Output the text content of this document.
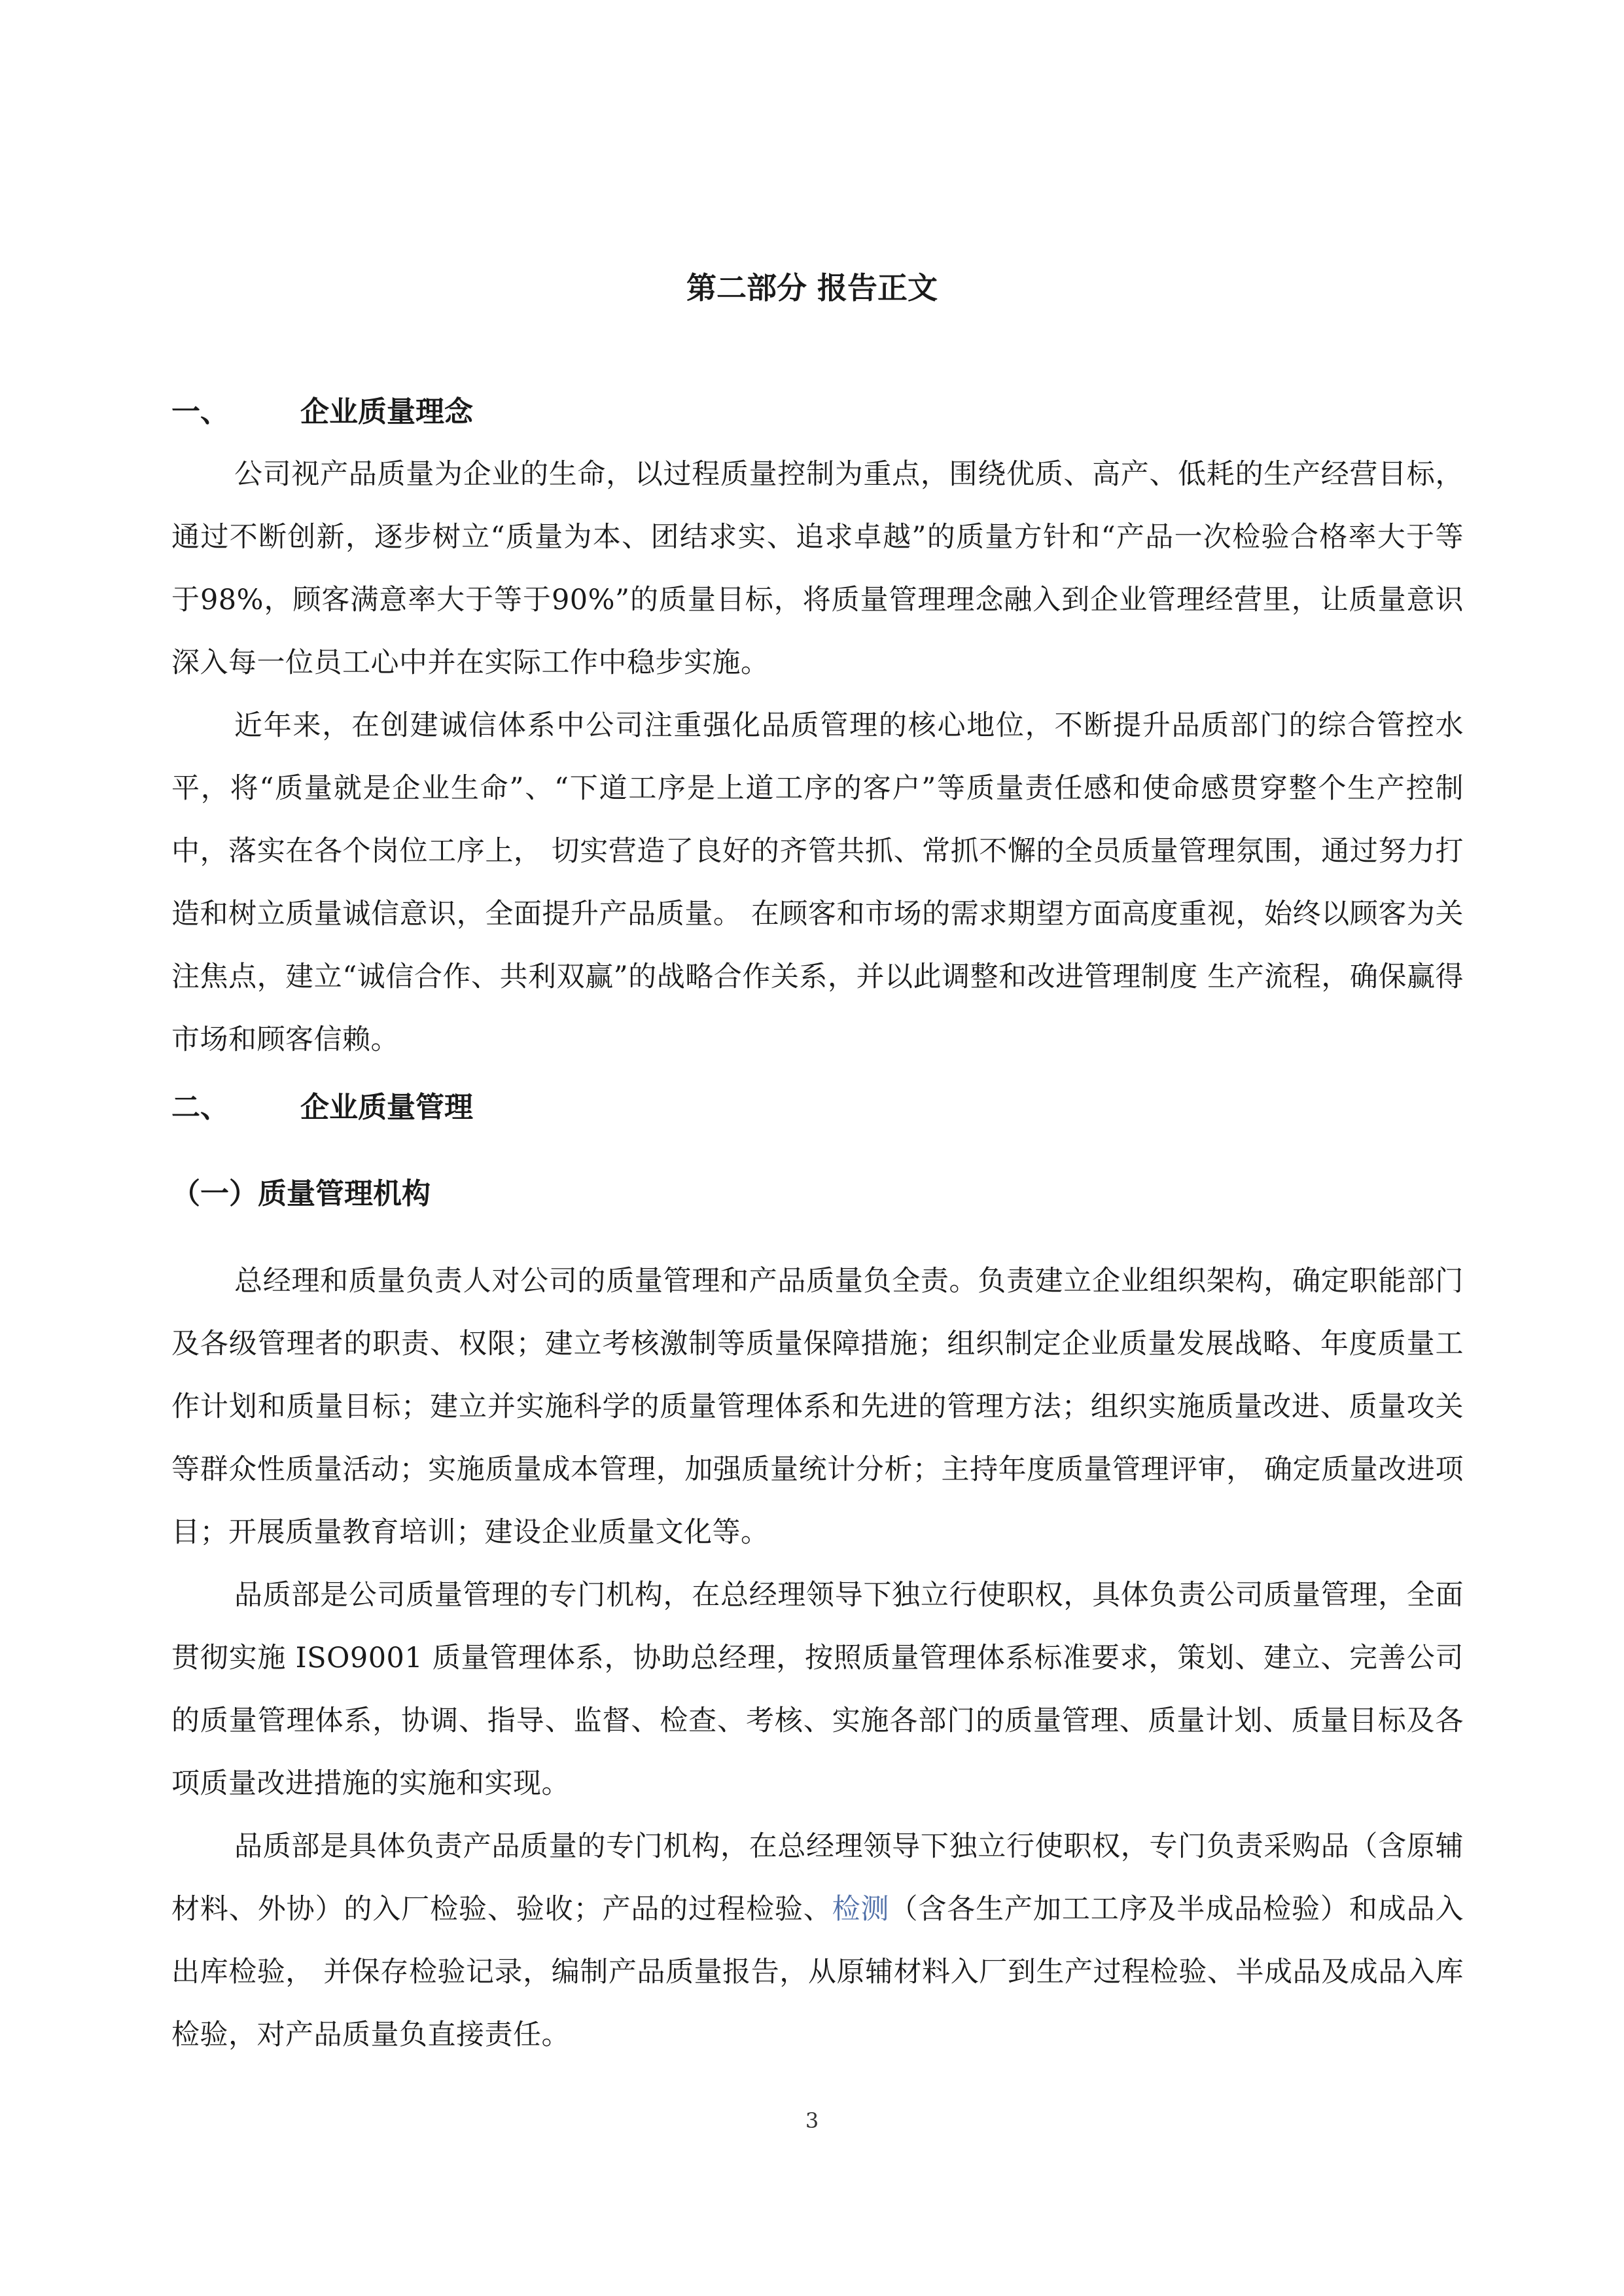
第二部分 报告正文
一、 企业质量理念

公司视产品质量为企业的生命，以过程质量控制为重点，围绕优质、高产、低耗的生产经营目标，通过不断创新，逐步树立“质量为本、团结求实、追求卓越”的质量方针和“产品一次检验合格率大于等于98%，顾客满意率大于等于90%”的质量目标，将质量管理理念融入到企业管理经营里，让质量意识深入每一位员工心中并在实际工作中稳步实施。

近年来，在创建诚信体系中公司注重强化品质管理的核心地位，不断提升品质部门的综合管控水平，将“质量就是企业生命”、“下道工序是上道工序的客户”等质量责任感和使命感贯穿整个生产控制中，落实在各个岗位工序上， 切实营造了良好的齐管共抓、常抓不懈的全员质量管理氛围，通过努力打造和树立质量诚信意识，全面提升产品质量。 在顾客和市场的需求期望方面高度重视，始终以顾客为关注焦点，建立“诚信合作、共利双赢”的战略合作关系，并以此调整和改进管理制度 生产流程，确保赢得市场和顾客信赖。

二、 企业质量管理
（一）质量管理机构

总经理和质量负责人对公司的质量管理和产品质量负全责。负责建立企业组织架构，确定职能部门及各级管理者的职责、权限；建立考核激制等质量保障措施；组织制定企业质量发展战略、年度质量工作计划和质量目标；建立并实施科学的质量管理体系和先进的管理方法；组织实施质量改进、质量攻关等群众性质量活动；实施质量成本管理，加强质量统计分析；主持年度质量管理评审， 确定质量改进项目；开展质量教育培训；建设企业质量文化等。

品质部是公司质量管理的专门机构，在总经理领导下独立行使职权，具体负责公司质量管理，全面贯彻实施 ISO9001 质量管理体系，协助总经理，按照质量管理体系标准要求，策划、建立、完善公司的质量管理体系，协调、指导、监督、检查、考核、实施各部门的质量管理、质量计划、质量目标及各项质量改进措施的实施和实现。

品质部是具体负责产品质量的专门机构，在总经理领导下独立行使职权，专门负责采购品（含原辅材料、外协）的入厂检验、验收；产品的过程检验、检测（含各生产加工工序及半成品检验）和成品入出库检验， 并保存检验记录，编制产品质量报告，从原辅材料入厂到生产过程检验、半成品及成品入库检验，对产品质量负直接责任。

3
